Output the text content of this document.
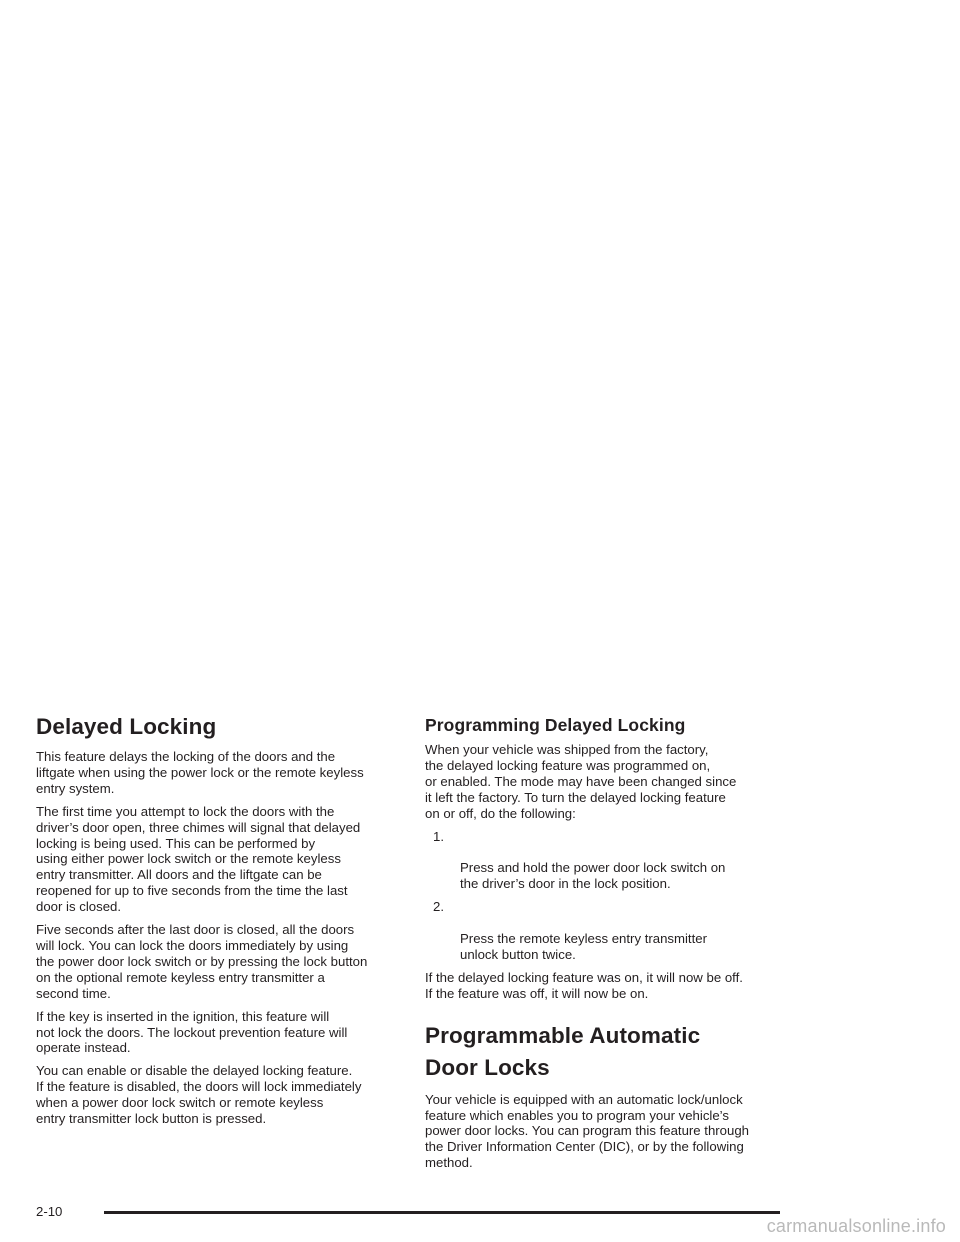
Delayed Locking

This feature delays the locking of the doors and the
liftgate when using the power lock or the remote keyless
entry system.

The first time you attempt to lock the doors with the
driver’s door open, three chimes will signal that delayed
locking is being used. This can be performed by
using either power lock switch or the remote keyless
entry transmitter. All doors and the liftgate can be
reopened for up to five seconds from the time the last
door is closed.

Five seconds after the last door is closed, all the doors
will lock. You can lock the doors immediately by using
the power door lock switch or by pressing the lock button
on the optional remote keyless entry transmitter a
second time.

If the key is inserted in the ignition, this feature will
not lock the doors. The lockout prevention feature will
operate instead.

You can enable or disable the delayed locking feature.
If the feature is disabled, the doors will lock immediately
when a power door lock switch or remote keyless
entry transmitter lock button is pressed.

Programming Delayed Locking

When your vehicle was shipped from the factory,
the delayed locking feature was programmed on,
or enabled. The mode may have been changed since
it left the factory. To turn the delayed locking feature
on or off, do the following:

1.

Press and hold the power door lock switch on
the driver’s door in the lock position.

2.

Press the remote keyless entry transmitter
unlock button twice.

If the delayed locking feature was on, it will now be off.
If the feature was off, it will now be on.

Programmable Automatic
Door Locks

Your vehicle is equipped with an automatic lock/unlock
feature which enables you to program your vehicle’s
power door locks. You can program this feature through
the Driver Information Center (DIC), or by the following
method.

2-10
carmanualsonline.info
